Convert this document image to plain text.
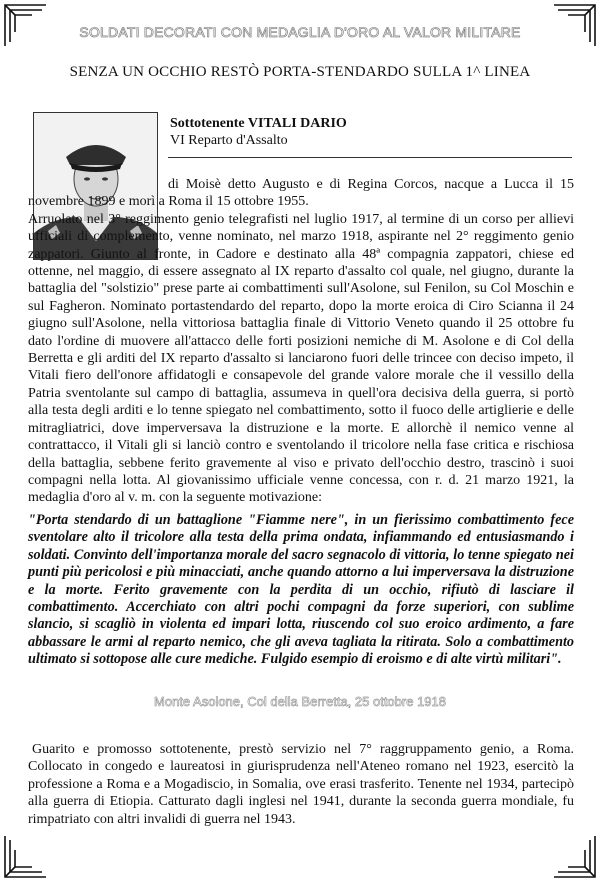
SOLDATI DECORATI CON MEDAGLIA D'ORO AL VALOR MILITARE
SENZA UN OCCHIO RESTÒ PORTA-STENDARDO SULLA 1^ LINEA
Sottotenente VITALI DARIO
VI Reparto d'Assalto

di Moisè detto Augusto e di Regina Corcos, nacque a Lucca il 15 novembre 1899 e morì a Roma il 15 ottobre 1955.

Arruolato nel 3° reggimento genio telegrafisti nel luglio 1917, al termine di un corso per allievi ufficiali di complemento, venne nominato, nel marzo 1918, aspirante nel 2° reggimento genio zappatori. Giunto al fronte, in Cadore e destinato alla 48ª compagnia zappatori, chiese ed ottenne, nel maggio, di essere assegnato al IX reparto d'assalto col quale, nel giugno, durante la battaglia del "solstizio" prese parte ai combattimenti sull'Asolone, sul Fenilon, su Col Moschin e sul Fagheron. Nominato portastendardo del reparto, dopo la morte eroica di Ciro Scianna il 24 giugno sull'Asolone, nella vittoriosa battaglia finale di Vittorio Veneto quando il 25 ottobre fu dato l'ordine di muovere all'attacco delle forti posizioni nemiche di M. Asolone e di Col della Berretta e gli arditi del IX reparto d'assalto si lanciarono fuori delle trincee con deciso impeto, il Vitali fiero dell'onore affidatogli e consapevole del grande valore morale che il vessillo della Patria sventolante sul campo di battaglia, assumeva in quell'ora decisiva della guerra, si portò alla testa degli arditi e lo tenne spiegato nel combattimento, sotto il fuoco delle artiglierie e delle mitragliatrici, dove imperversava la distruzione e la morte. E allorchè il nemico venne al contrattacco, il Vitali gli si lanciò contro e sventolando il tricolore nella fase critica e rischiosa della battaglia, sebbene ferito gravemente al viso e privato dell'occhio destro, trascinò i suoi compagni nella lotta. Al giovanissimo ufficiale venne concessa, con r. d. 21 marzo 1921, la medaglia d'oro al v. m. con la seguente motivazione:

"Porta stendardo di un battaglione "Fiamme nere", in un fierissimo combattimento fece sventolare alto il tricolore alla testa della prima ondata, infiammando ed entusiasmando i soldati. Convinto dell'importanza morale del sacro segnacolo di vittoria, lo tenne spiegato nei punti più pericolosi e più minacciati, anche quando attorno a lui imperversava la distruzione e la morte. Ferito gravemente con la perdita di un occhio, rifiutò di lasciare il combattimento. Accerchiato con altri pochi compagni da forze superiori, con sublime slancio, si scagliò in violenta ed impari lotta, riuscendo col suo eroico ardimento, a fare abbassare le armi al reparto nemico, che gli aveva tagliata la ritirata. Solo a combattimento ultimato si sottopose alle cure mediche. Fulgido esempio di eroismo e di alte virtù militari".
Monte Asolone, Col della Berretta, 25 ottobre 1918
Guarito e promosso sottotenente, prestò servizio nel 7° raggruppamento genio, a Roma. Collocato in congedo e laureatosi in giurisprudenza nell'Ateneo romano nel 1923, esercitò la professione a Roma e a Mogadiscio, in Somalia, ove erasi trasferito. Tenente nel 1934, partecipò alla guerra di Etiopia. Catturato dagli inglesi nel 1941, durante la seconda guerra mondiale, fu rimpatriato con altri invalidi di guerra nel 1943.
